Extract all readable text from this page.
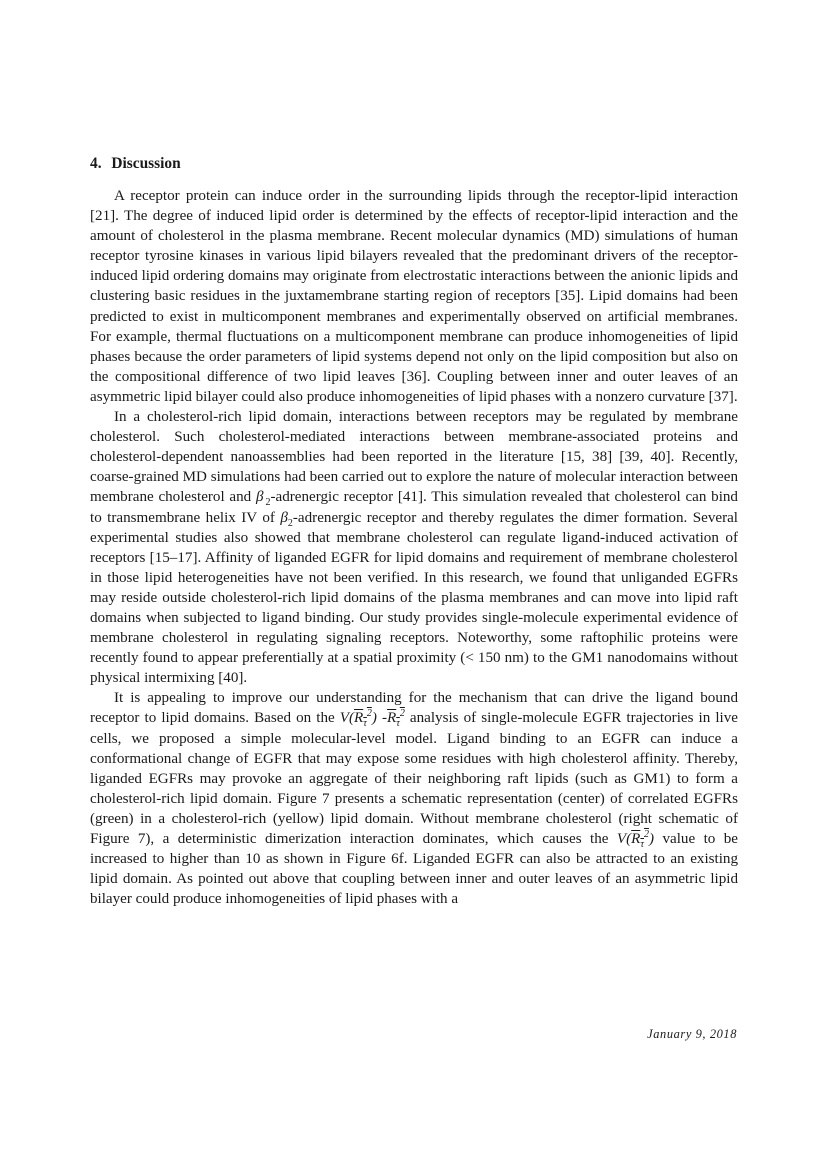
4. Discussion

A receptor protein can induce order in the surrounding lipids through the receptor-lipid interaction [21]. The degree of induced lipid order is determined by the effects of receptor-lipid interaction and the amount of cholesterol in the plasma membrane. Recent molecular dynamics (MD) simulations of human receptor tyrosine kinases in various lipid bilayers revealed that the predominant drivers of the receptor-induced lipid ordering domains may originate from electrostatic interactions between the anionic lipids and clustering basic residues in the juxtamembrane starting region of receptors [35]. Lipid domains had been predicted to exist in multicomponent membranes and experimentally observed on artificial membranes. For example, thermal fluctuations on a multicomponent membrane can produce inhomogeneities of lipid phases because the order parameters of lipid systems depend not only on the lipid composition but also on the compositional difference of two lipid leaves [36]. Coupling between inner and outer leaves of an asymmetric lipid bilayer could also produce inhomogeneities of lipid phases with a nonzero curvature [37].

In a cholesterol-rich lipid domain, interactions between receptors may be regulated by membrane cholesterol. Such cholesterol-mediated interactions between membrane-associated proteins and cholesterol-dependent nanoassemblies had been reported in the literature [15, 38] [39, 40]. Recently, coarse-grained MD simulations had been carried out to explore the nature of molecular interaction between membrane cholesterol and β  $_2$-adrenergic receptor [41]. This simulation revealed that cholesterol can bind to transmembrane helix IV of $\beta_2$-adrenergic receptor and thereby regulates the dimer formation. Several experimental studies also showed that membrane cholesterol can regulate ligand-induced activation of receptors [15–17]. Affinity of liganded EGFR for lipid domains and requirement of membrane cholesterol in those lipid heterogeneities have not been verified. In this research, we found that unliganded EGFRs may reside outside cholesterol-rich lipid domains of the plasma membranes and can move into lipid raft domains when subjected to ligand binding. Our study provides single-molecule experimental evidence of membrane cholesterol in regulating signaling receptors. Noteworthy, some raftophilic proteins were recently found to appear preferentially at a spatial proximity (< 150 nm) to the GM1 nanodomains without physical intermixing [40].

It is appealing to improve our understanding for the mechanism that can drive the ligand bound receptor to lipid domains. Based on the $V(R_\tau^2)$ $-R_\tau^2$ analysis of single-molecule EGFR trajectories in live cells, we proposed a simple molecular-level model. Ligand binding to an EGFR can induce a conformational change of EGFR that may expose some residues with high cholesterol affinity. Thereby, liganded EGFRs may provoke an aggregate of their neighboring raft lipids (such as GM1) to form a cholesterol-rich lipid domain. Figure 7 presents a schematic representation (center) of correlated EGFRs (green) in a cholesterol-rich (yellow) lipid domain. Without membrane cholesterol (right schematic of Figure 7), a deterministic dimerization interaction dominates, which causes the $V(R_\tau^2)$ value to be increased to higher than 10 as shown in Figure 6f. Liganded EGFR can also be attracted to an existing lipid domain. As pointed out above that coupling between inner and outer leaves of an asymmetric lipid bilayer could produce inhomogeneities of lipid phases with a

January 9, 2018
